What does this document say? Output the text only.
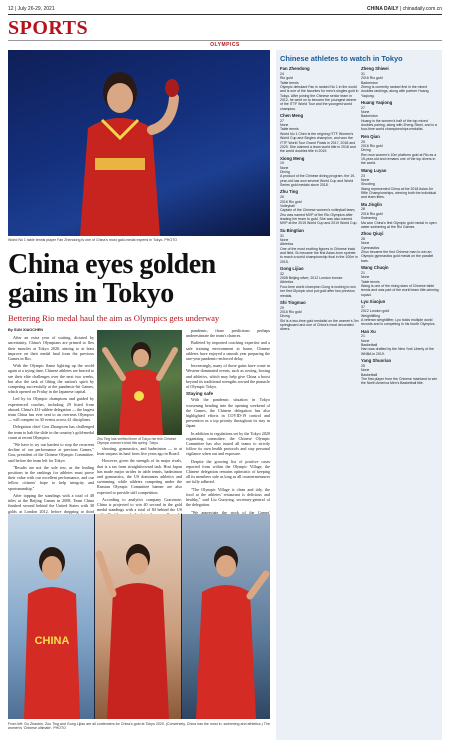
12 | July 26-29, 2021	CHINA DAILY | chinadaily.com.cn
SPORTS
OLYMPICS
World No 1 table tennis player Fan Zhendong is one of China's most gold-medal experts in Tokyo. PHOTO
China eyes golden gains in Tokyo
Bettering Rio medal haul the aim as Olympics gets underway
By SUN XIAOCHEN

After an extra year of waiting, dictated by uncertainty, China's Olympians are primed to flex their muscles at Tokyo 2020, aiming to at least improve on their medal haul from the previous Games in Rio.

With the Olympic flame lighting up the world again at a trying time, Chinese athletes are braced to see their elite challenges over the next two weeks, but also the task of lifting the nation's spirit by competing successfully at the pandemic-hit Games, which opened on Friday in the Japanese capital.

Led by its Olympic champions and guided by experienced coaches, including 29 listed from abroad, China's 431-athlete delegation — the largest team China has ever sent to an overseas Olympics — will compete in 30 events across 41 disciplines.

Delegation chief Gou Zhongwen has challenged the team to halt the slide in the country's gold-medal count at recent Olympics.

"We have to try our hardest to stop the recurrent decline of our performance at previous Games," Gou, president of the Chinese Olympic Committee, said before the team left for Tokyo.

"Results are not the sole test, as the leading positions in the rankings for athletes must prove their value with our excellent performance, and our fellow citizens' hope to help integrity and sportsmanship."

After topping the standings with a total of 48 titles at the Beijing Games in 2008, Team China finished second behind the United States with 38 golds at London 2012, before dropping to third

Zhu Ting has verified three of Tokyo her this Chinese Olympic women's lead this spring. Tokyo.

shooting, gymnastics, and badminton — to at least surpass its haul from five years ago in Brazil.

However, given the strength of its major rivals, that is a tax from straightforward task. Host Japan has made major strides in table tennis, badminton and gymnastics, the US dominates athletics and swimming, while athletes competing under the Russian Olympic Committee banner are also expected to provide stiff competition.

According to analytics company Gracenote, China is projected to win 40 second in the gold medal standings with a total of 84 behind the US

pandemic, those predictions perhaps underestimate the team's chances.

Buffeted by imported coaching expertise and a safe training environment at home, Chinese athletes have enjoyed a smooth year preparing the one-year pandemic-enforced delay.

Increasingly, many of those gains have come in Western-dominated events, such as rowing, boxing and athletics, which may help give China a boost beyond its traditional strengths toward the pinnacle of Olympic Tokyo.

Staying safe

With the pandemic situation in Tokyo worsening heading into the opening weekend of the Games, the Chinese delegation has also highlighted efforts in COVID-19 control and prevention as a top priority throughout its stay in Japan.

In addition to regulations set by the Tokyo 2020 organizing committee, the Chinese Olympic Committee has also issued all teams to strictly follow its own health protocols and stay personal vigilance when out and exposure.

Despite the growing list of positive cases reported from within the Olympic Village, the Chinese delegation remains optimistic of keeping all its members safe as long as all countermeasures are fully adhered.

"The Olympic Village is clean and tidy, the food at the athletes' restaurant is delicious and healthy," said Liu Guoyong, secretary-general of the delegation.

"We appreciate the work of the Games'

CHINA
From left: Gu Zhaobin, Zou Ting and Gong Lijiao are all contenders for China's gold at Tokyo 2020. (Conversely, China has the most in, swimming and athletics.) The women's 'Chinese ultimate'. PHOTO
Chinese athletes to watch in Tokyo
Fan Zhendong
24
Rio gold
Table tennis
Olympic debutant Fan is ranked No 1 in the world and is one of the favorites for men's singles gold in Tokyo. After joining the Chinese senior team in 2012, he went on to become the youngest winner of the ITTF World Tour and the youngest world champion.
Chen Meng
27
None
Table tennis
World No 1 Chen is the reigning ITTF Women's World Cup and Singles champion, and won the ITTF World Tour Grand Finals in 2017, 2018 and 2020. She claimed a team world title in 2018 and the world doubles title in 2019.
Xiong Meng
19
None
Diving
A product of the Chinese diving program, the 19-year-old has won several World Cup and World Series gold medals since 2018.
Zhu Ting
26
2016 Rio gold
Volleyball
Captain of the Chinese women's volleyball team, Zhu was named MVP of the Rio Olympics after leading her team to gold. She was also named MVP at the 2015 World Cup and 2019 World Cup.
Su Bingtian
31
None
Athletics
One of the most exciting figures in Chinese track and field, Su became the first Asian-born sprinter to reach a world championship final in the 100m in 2015.
Gong Lijiao
32
2008 Beijing silver; 2012 London bronze
Athletics
Four-time world champion Gong is looking to win her first Olympic shot put gold after two previous medals.
Shi Tingmao
29
2016 Rio gold
Diving
Shi is a two-time gold medalist on the women's 3m springboard and one of China's most decorated divers.
Zheng Shiwei
31
2016 Rio gold
Badminton
Zheng is currently ranked first in the mixed doubles rankings, along with partner Huang Yaqiong.
Huang Yaqiong
27
None
Badminton
Huang is the women's half of the top mixed doubles pairing, along with Zheng Siwei, and is a four-time world championships medalist.
Ren Qian
25
2016 Rio gold
Diving
Ren won women's 10m platform gold at Rio as a 15-year-old and remains one of the top divers in the world.
Wang Luyao
23
None
Shooting
Wang represented China at the 2018 Asian Air Rifle Championships, winning both the individual and team titles.
Ma Jinglin
28
2016 Rio gold
Swimming
Ma won China's first Olympic gold medal in open water swimming at the Rio Games.
Zhou Qiuyi
28
None
Gymnastics
Zhou became the first Chinese man to win an Olympic gymnastics gold medal on the parallel bars.
Wang Chuqin
21
None
Table tennis
Wang is one of the rising stars of Chinese table tennis and was part of the world team title-winning squad.
Lyu Xiaojun
37
2012 London gold
Weightlifting
A veteran weightlifter, Lyu holds multiple world records and is competing in his fourth Olympics.
Han Xu
21
None
Basketball
Han was drafted by the New York Liberty of the WNBA in 2019.
Yang Shuorian
25
None
Basketball
The first player from the Chinese mainland to win the North America Men's Basketball title.
